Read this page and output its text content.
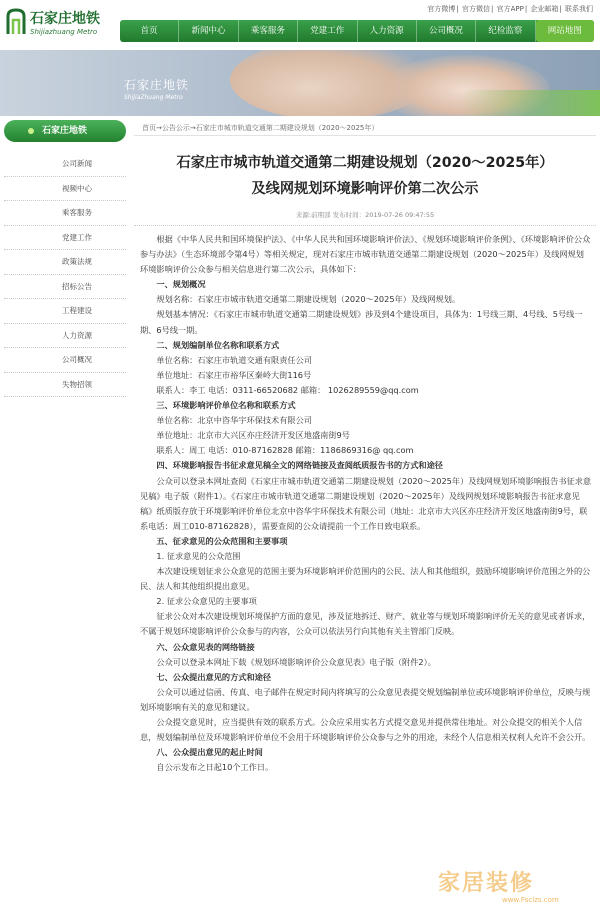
石家庄地铁
Shijiazhuang Metro
官方微博| 官方微信| 官方APP| 企业邮箱| 联系我们
首页	新闻中心	乘客服务	党建工作	人力资源	公司概况	纪检监察	网站地图
石家庄地铁
ShiJiaZhuang Metro
石家庄地铁
公司新闻
视频中心
乘客服务
党建工作
政策法规
招标公告
工程建设
人力资源
公司概况
失物招领
首页→公告公示→石家庄市城市轨道交通第二期建设规划（2020～2025年）
石家庄市城市轨道交通第二期建设规划（2020～2025年）
及线网规划环境影响评价第二次公示
来源:前期部 发布时间：2019-07-26 09:47:55

根据《中华人民共和国环境保护法》、《中华人民共和国环境影响评价法》、《规划环境影响评价条例》、《环境影响评价公众参与办法》（生态环境部令第4号）等相关规定，现对石家庄市城市轨道交通第二期建设规划（2020～2025年）及线网规划环境影响评价公众参与相关信息进行第二次公示，具体如下：

一、规划概况

规划名称：石家庄市城市轨道交通第二期建设规划（2020～2025年）及线网规划。

规划基本情况：《石家庄市城市轨道交通第二期建设规划》涉及到4个建设项目，具体为：1号线三期、4号线、5号线一期、6号线一期。

二、规划编制单位名称和联系方式

单位名称：石家庄市轨道交通有限责任公司

单位地址：石家庄市裕华区秦岭大街116号

联系人：李工 电话：0311-66520682 邮箱： 1026289559@qq.com

三、环境影响评价单位名称和联系方式

单位名称：北京中咨华宇环保技术有限公司

单位地址：北京市大兴区亦庄经济开发区地盛南街9号

联系人：周工 电话：010-87162828 邮箱：1186869316@ qq.com

四、环境影响报告书征求意见稿全文的网络链接及查阅纸质报告书的方式和途径

公众可以登录本网址查阅《石家庄市城市轨道交通第二期建设规划（2020～2025年）及线网规划环境影响报告书征求意见稿》电子版（附件1）。《石家庄市城市轨道交通第二期建设规划（2020～2025年）及线网规划环境影响报告书征求意见稿》纸质版存放于环境影响评价单位北京中咨华宇环保技术有限公司（地址：北京市大兴区亦庄经济开发区地盛南街9号，联系电话：周工010-87162828），需要查阅的公众请提前一个工作日致电联系。

五、征求意见的公众范围和主要事项

1. 征求意见的公众范围

本次建设规划征求公众意见的范围主要为环境影响评价范围内的公民、法人和其他组织，鼓励环境影响评价范围之外的公民、法人和其他组织提出意见。

2. 征求公众意见的主要事项

征求公众对本次建设规划环境保护方面的意见，涉及征地拆迁、财产、就业等与规划环境影响评价无关的意见或者诉求，不属于规划环境影响评价公众参与的内容，公众可以依法另行向其他有关主管部门反映。

六、公众意见表的网络链接

公众可以登录本网址下载《规划环境影响评价公众意见表》电子版（附件2）。

七、公众提出意见的方式和途径

公众可以通过信函、传真、电子邮件在规定时间内将填写的公众意见表提交规划编制单位或环境影响评价单位，反映与规划环境影响有关的意见和建议。

公众提交意见时，应当提供有效的联系方式。公众应采用实名方式提交意见并提供常住地址。对公众提交的相关个人信息，规划编制单位及环境影响评价单位不会用于环境影响评价公众参与之外的用途，未经个人信息相关权利人允许不会公开。

八、公众提出意见的起止时间

自公示发布之日起10个工作日。

家居装修
www.Fsclzs.com
